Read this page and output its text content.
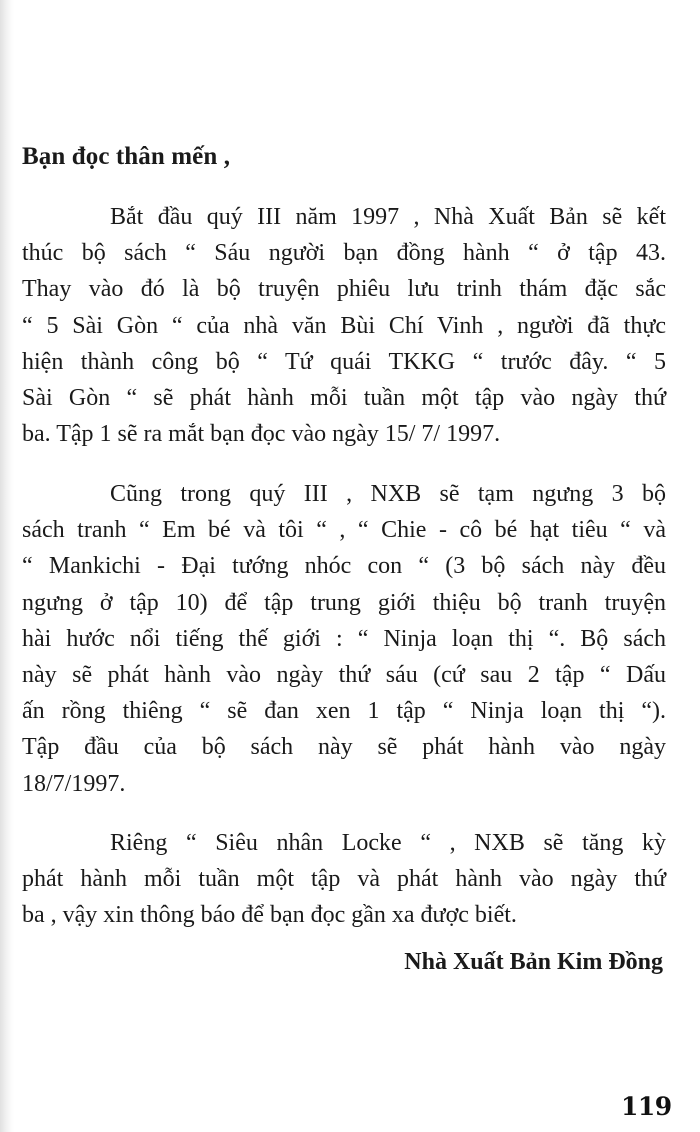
Bạn đọc thân mến ,
Bắt đầu quý III năm 1997 , Nhà Xuất Bản sẽ kết
thúc bộ sách “ Sáu người bạn đồng hành “ ở tập 43.
Thay vào đó là bộ truyện phiêu lưu trinh thám đặc sắc
“ 5 Sài Gòn “ của nhà văn Bùi Chí Vinh , người đã thực
hiện thành công bộ “ Tứ quái TKKG “ trước đây. “ 5
Sài Gòn “ sẽ phát hành mỗi tuần một tập vào ngày thứ
ba. Tập 1 sẽ ra mắt bạn đọc vào ngày 15/ 7/ 1997.
Cũng trong quý III , NXB sẽ tạm ngưng 3 bộ
sách tranh “ Em bé và tôi “ , “ Chie - cô bé hạt tiêu “ và
“ Mankichi - Đại tướng nhóc con “ (3 bộ sách này đều
ngưng ở tập 10) để tập trung giới thiệu bộ tranh truyện
hài hước nổi tiếng thế giới : “ Ninja loạn thị “. Bộ sách
này sẽ phát hành vào ngày thứ sáu (cứ sau 2 tập “ Dấu
ấn rồng thiêng “ sẽ đan xen 1 tập “ Ninja loạn thị “).
Tập đầu của bộ sách này sẽ phát hành vào ngày
18/7/1997.
Riêng “ Siêu nhân Locke “ , NXB sẽ tăng kỳ
phát hành mỗi tuần một tập và phát hành vào ngày thứ
ba , vậy xin thông báo để bạn đọc gần xa được biết.
Nhà Xuất Bản Kim Đồng
119
